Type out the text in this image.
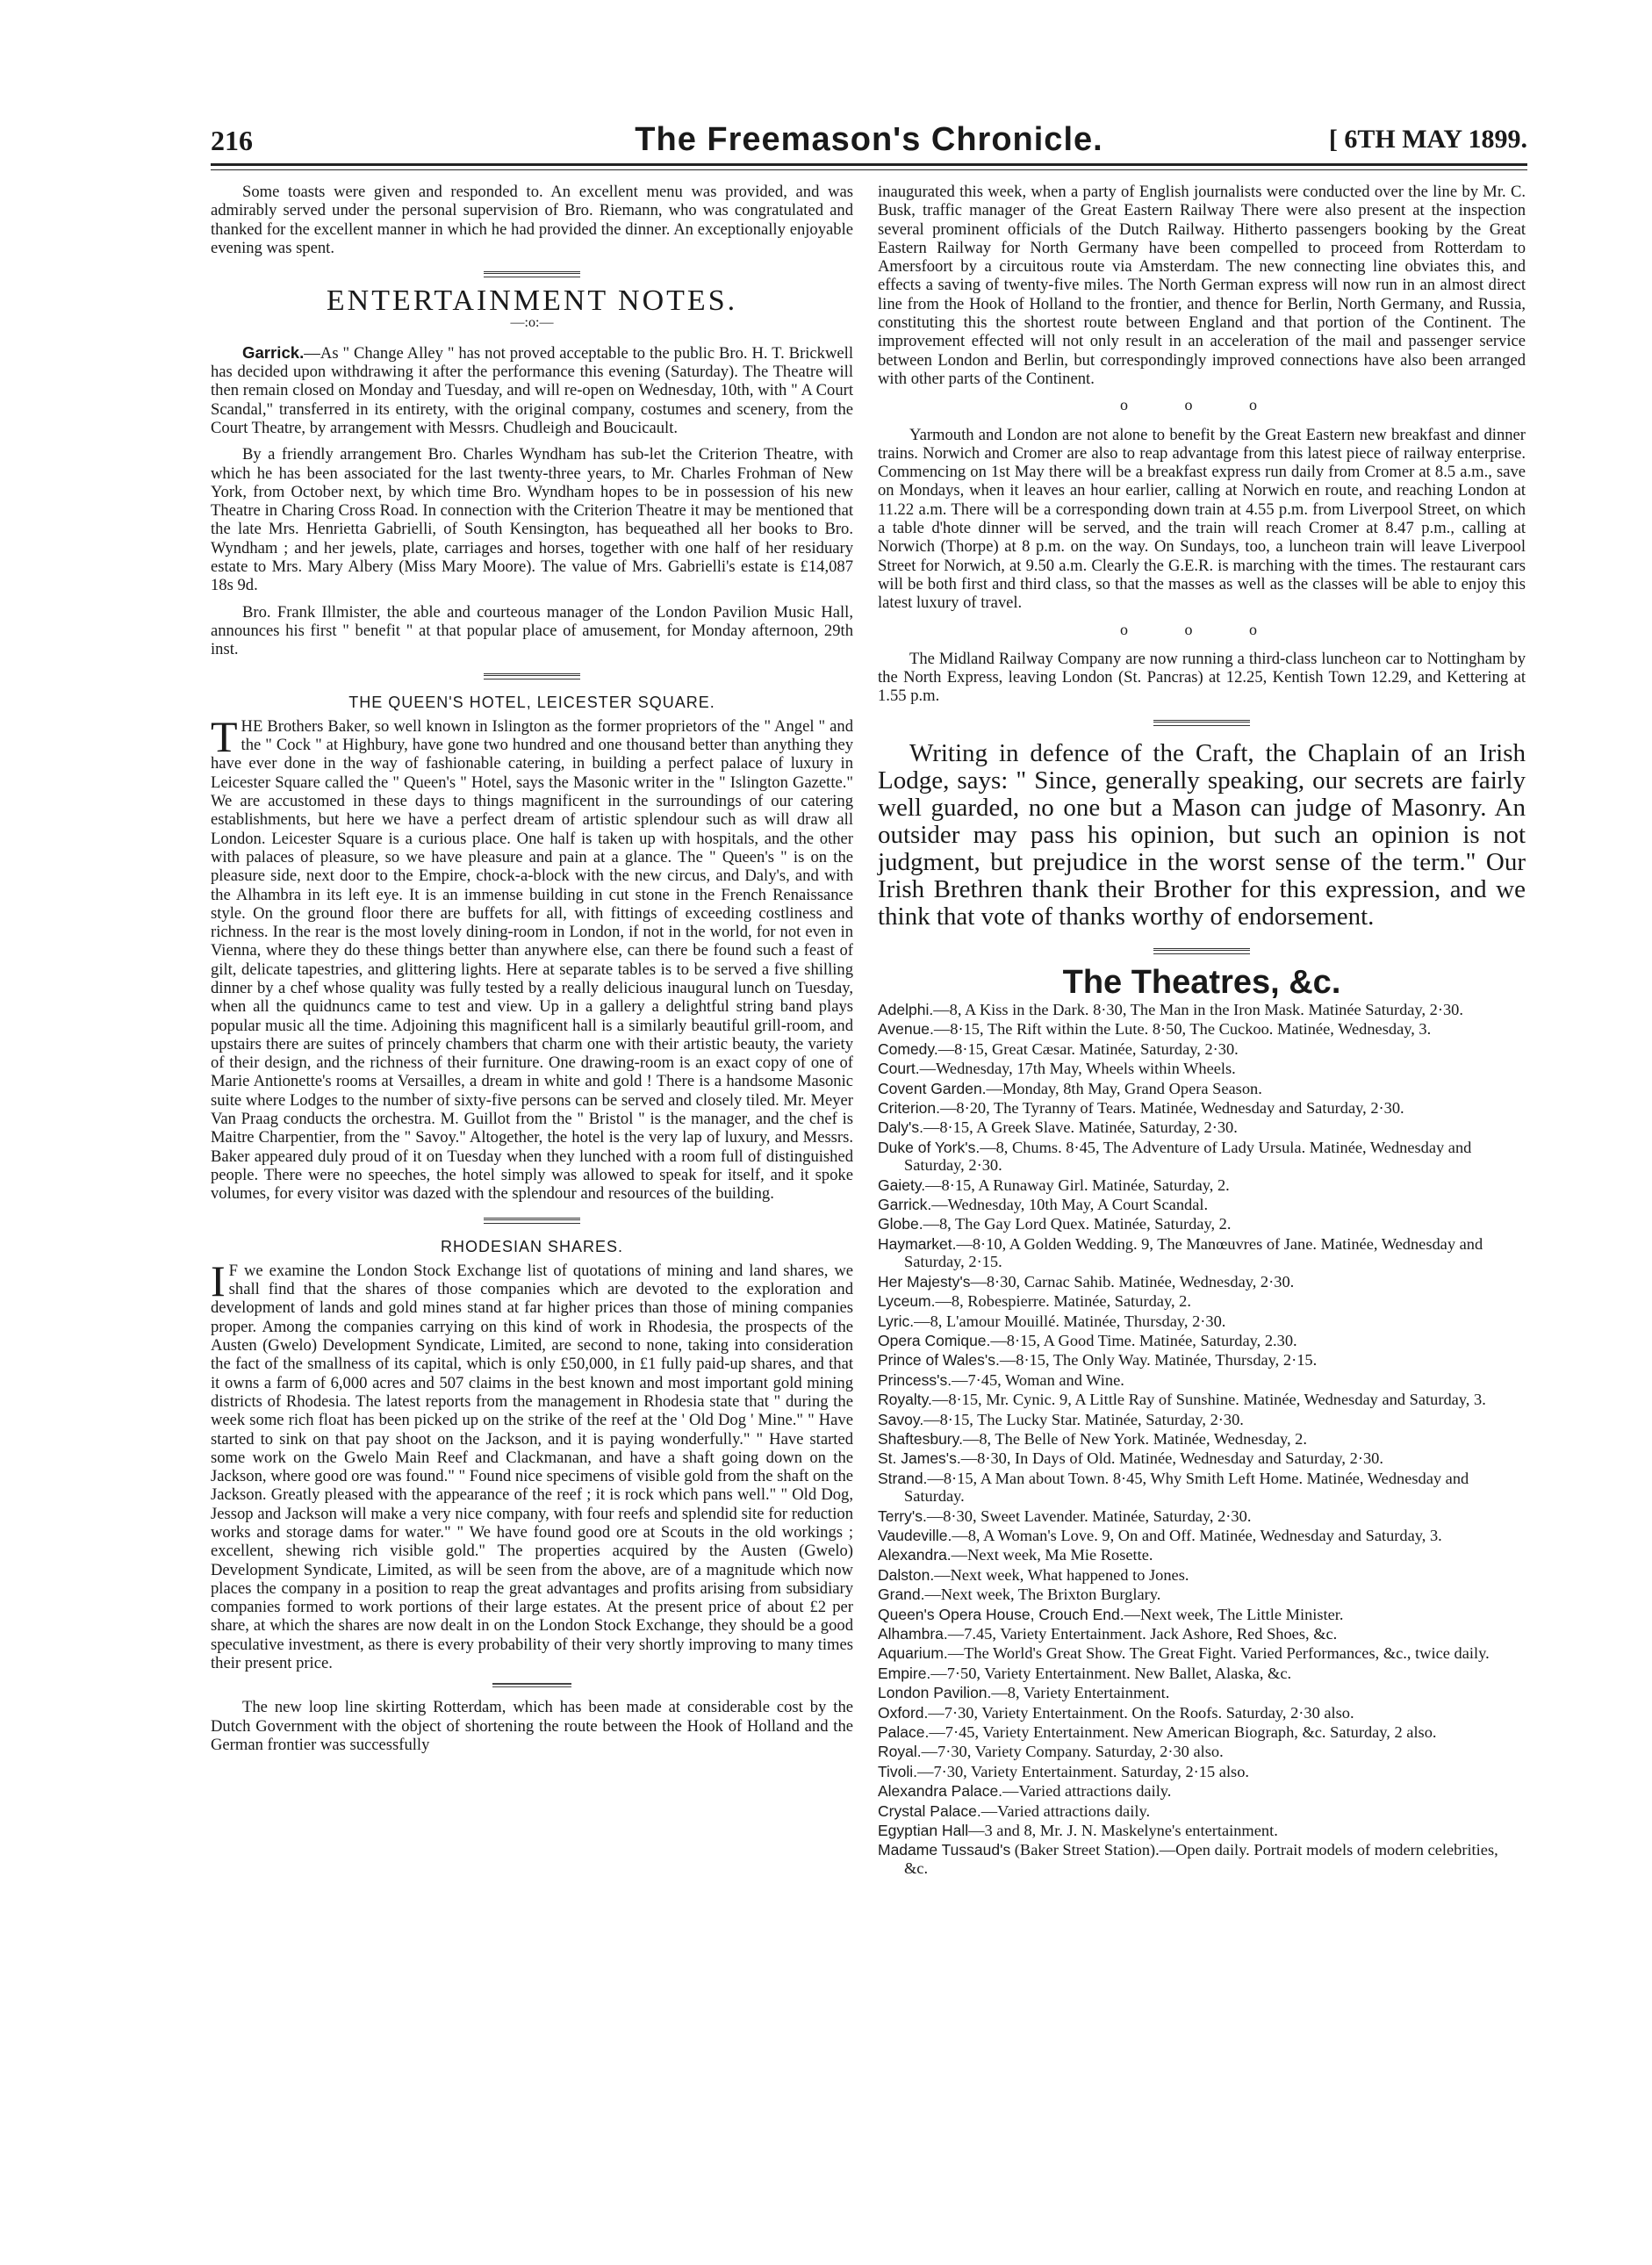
216	The Freemason's Chronicle.	[ 6TH MAY 1899.

Some toasts were given and responded to. An excellent menu was provided, and was admirably served under the personal supervision of Bro. Riemann, who was congratulated and thanked for the excellent manner in which he had provided the dinner. An exceptionally enjoyable evening was spent.

ENTERTAINMENT NOTES.
—:o:—

Garrick.—As " Change Alley " has not proved acceptable to the public Bro. H. T. Brickwell has decided upon withdrawing it after the performance this evening (Saturday). The Theatre will then remain closed on Monday and Tuesday, and will re-open on Wednesday, 10th, with " A Court Scandal," transferred in its entirety, with the original company, costumes and scenery, from the Court Theatre, by arrangement with Messrs. Chudleigh and Boucicault.

By a friendly arrangement Bro. Charles Wyndham has sub-let the Criterion Theatre, with which he has been associated for the last twenty-three years, to Mr. Charles Frohman of New York, from October next, by which time Bro. Wyndham hopes to be in possession of his new Theatre in Charing Cross Road. In connection with the Criterion Theatre it may be mentioned that the late Mrs. Henrietta Gabrielli, of South Kensington, has bequeathed all her books to Bro. Wyndham ; and her jewels, plate, carriages and horses, together with one half of her residuary estate to Mrs. Mary Albery (Miss Mary Moore). The value of Mrs. Gabrielli's estate is £14,087 18s 9d.

Bro. Frank Illmister, the able and courteous manager of the London Pavilion Music Hall, announces his first " benefit " at that popular place of amusement, for Monday afternoon, 29th inst.

THE QUEEN'S HOTEL, LEICESTER SQUARE.

THE Brothers Baker, so well known in Islington as the former proprietors of the " Angel " and the " Cock " at Highbury, have gone two hundred and one thousand better than anything they have ever done in the way of fashionable catering, in building a perfect palace of luxury in Leicester Square called the " Queen's " Hotel, says the Masonic writer in the " Islington Gazette." We are accustomed in these days to things magnificent in the surroundings of our catering establishments, but here we have a perfect dream of artistic splendour such as will draw all London. Leicester Square is a curious place. One half is taken up with hospitals, and the other with palaces of pleasure, so we have pleasure and pain at a glance. The " Queen's " is on the pleasure side, next door to the Empire, chock-a-block with the new circus, and Daly's, and with the Alhambra in its left eye. It is an immense building in cut stone in the French Renaissance style. On the ground floor there are buffets for all, with fittings of exceeding costliness and richness. In the rear is the most lovely dining-room in London, if not in the world, for not even in Vienna, where they do these things better than anywhere else, can there be found such a feast of gilt, delicate tapestries, and glittering lights. Here at separate tables is to be served a five shilling dinner by a chef whose quality was fully tested by a really delicious inaugural lunch on Tuesday, when all the quidnuncs came to test and view. Up in a gallery a delightful string band plays popular music all the time. Adjoining this magnificent hall is a similarly beautiful grill-room, and upstairs there are suites of princely chambers that charm one with their artistic beauty, the variety of their design, and the richness of their furniture. One drawing-room is an exact copy of one of Marie Antionette's rooms at Versailles, a dream in white and gold ! There is a handsome Masonic suite where Lodges to the number of sixty-five persons can be served and closely tiled. Mr. Meyer Van Praag conducts the orchestra. M. Guillot from the " Bristol " is the manager, and the chef is Maitre Charpentier, from the " Savoy." Altogether, the hotel is the very lap of luxury, and Messrs. Baker appeared duly proud of it on Tuesday when they lunched with a room full of distinguished people. There were no speeches, the hotel simply was allowed to speak for itself, and it spoke volumes, for every visitor was dazed with the splendour and resources of the building.

RHODESIAN SHARES.

I F we examine the London Stock Exchange list of quotations of mining and land shares, we shall find that the shares of those companies which are devoted to the exploration and development of lands and gold mines stand at far higher prices than those of mining companies proper. Among the companies carrying on this kind of work in Rhodesia, the prospects of the Austen (Gwelo) Development Syndicate, Limited, are second to none, taking into consideration the fact of the smallness of its capital, which is only £50,000, in £1 fully paid-up shares, and that it owns a farm of 6,000 acres and 507 claims in the best known and most important gold mining districts of Rhodesia. The latest reports from the management in Rhodesia state that " during the week some rich float has been picked up on the strike of the reef at the ' Old Dog ' Mine." " Have started to sink on that pay shoot on the Jackson, and it is paying wonderfully." " Have started some work on the Gwelo Main Reef and Clackmanan, and have a shaft going down on the Jackson, where good ore was found." " Found nice specimens of visible gold from the shaft on the Jackson. Greatly pleased with the appearance of the reef ; it is rock which pans well." " Old Dog, Jessop and Jackson will make a very nice company, with four reefs and splendid site for reduction works and storage dams for water." " We have found good ore at Scouts in the old workings ; excellent, shewing rich visible gold." The properties acquired by the Austen (Gwelo) Development Syndicate, Limited, as will be seen from the above, are of a magnitude which now places the company in a position to reap the great advantages and profits arising from subsidiary companies formed to work portions of their large estates. At the present price of about £2 per share, at which the shares are now dealt in on the London Stock Exchange, they should be a good speculative investment, as there is every probability of their very shortly improving to many times their present price.

The new loop line skirting Rotterdam, which has been made at considerable cost by the Dutch Government with the object of shortening the route between the Hook of Holland and the German frontier was successfully

inaugurated this week, when a party of English journalists were conducted over the line by Mr. C. Busk, traffic manager of the Great Eastern Railway There were also present at the inspection several prominent officials of the Dutch Railway. Hitherto passengers booking by the Great Eastern Railway for North Germany have been compelled to proceed from Rotterdam to Amersfoort by a circuitous route via Amsterdam. The new connecting line obviates this, and effects a saving of twenty-five miles. The North German express will now run in an almost direct line from the Hook of Holland to the frontier, and thence for Berlin, North Germany, and Russia, constituting this the shortest route between England and that portion of the Continent. The improvement effected will not only result in an acceleration of the mail and passenger service between London and Berlin, but correspondingly improved connections have also been arranged with other parts of the Continent.

o o o

Yarmouth and London are not alone to benefit by the Great Eastern new breakfast and dinner trains. Norwich and Cromer are also to reap advantage from this latest piece of railway enterprise. Commencing on 1st May there will be a breakfast express run daily from Cromer at 8.5 a.m., save on Mondays, when it leaves an hour earlier, calling at Norwich en route, and reaching London at 11.22 a.m. There will be a corresponding down train at 4.55 p.m. from Liverpool Street, on which a table d'hote dinner will be served, and the train will reach Cromer at 8.47 p.m., calling at Norwich (Thorpe) at 8 p.m. on the way. On Sundays, too, a luncheon train will leave Liverpool Street for Norwich, at 9.50 a.m. Clearly the G.E.R. is marching with the times. The restaurant cars will be both first and third class, so that the masses as well as the classes will be able to enjoy this latest luxury of travel.

o o o

The Midland Railway Company are now running a third-class luncheon car to Nottingham by the North Express, leaving London (St. Pancras) at 12.25, Kentish Town 12.29, and Kettering at 1.55 p.m.

Writing in defence of the Craft, the Chaplain of an Irish Lodge, says: " Since, generally speaking, our secrets are fairly well guarded, no one but a Mason can judge of Masonry. An outsider may pass his opinion, but such an opinion is not judgment, but prejudice in the worst sense of the term." Our Irish Brethren thank their Brother for this expression, and we think that vote of thanks worthy of endorsement.

The Theatres, &c.
Adelphi.—8, A Kiss in the Dark. 8·30, The Man in the Iron Mask. Matinée Saturday, 2·30.
Avenue.—8·15, The Rift within the Lute. 8·50, The Cuckoo. Matinée, Wednesday, 3.
Comedy.—8·15, Great Cæsar. Matinée, Saturday, 2·30.
Court.—Wednesday, 17th May, Wheels within Wheels.
Covent Garden.—Monday, 8th May, Grand Opera Season.
Criterion.—8·20, The Tyranny of Tears. Matinée, Wednesday and Saturday, 2·30.
Daly's.—8·15, A Greek Slave. Matinée, Saturday, 2·30.
Duke of York's.—8, Chums. 8·45, The Adventure of Lady Ursula. Matinée, Wednesday and Saturday, 2·30.
Gaiety.—8·15, A Runaway Girl. Matinée, Saturday, 2.
Garrick.—Wednesday, 10th May, A Court Scandal.
Globe.—8, The Gay Lord Quex. Matinée, Saturday, 2.
Haymarket.—8·10, A Golden Wedding. 9, The Manœuvres of Jane. Matinée, Wednesday and Saturday, 2·15.
Her Majesty's—8·30, Carnac Sahib. Matinée, Wednesday, 2·30.
Lyceum.—8, Robespierre. Matinée, Saturday, 2.
Lyric.—8, L'amour Mouillé. Matinée, Thursday, 2·30.
Opera Comique.—8·15, A Good Time. Matinée, Saturday, 2.30.
Prince of Wales's.—8·15, The Only Way. Matinée, Thursday, 2·15.
Princess's.—7·45, Woman and Wine.
Royalty.—8·15, Mr. Cynic. 9, A Little Ray of Sunshine. Matinée, Wednesday and Saturday, 3.
Savoy.—8·15, The Lucky Star. Matinée, Saturday, 2·30.
Shaftesbury.—8, The Belle of New York. Matinée, Wednesday, 2.
St. James's.—8·30, In Days of Old. Matinée, Wednesday and Saturday, 2·30.
Strand.—8·15, A Man about Town. 8·45, Why Smith Left Home. Matinée, Wednesday and Saturday.
Terry's.—8·30, Sweet Lavender. Matinée, Saturday, 2·30.
Vaudeville.—8, A Woman's Love. 9, On and Off. Matinée, Wednesday and Saturday, 3.
Alexandra.—Next week, Ma Mie Rosette.
Dalston.—Next week, What happened to Jones.
Grand.—Next week, The Brixton Burglary.
Queen's Opera House, Crouch End.—Next week, The Little Minister.
Alhambra.—7.45, Variety Entertainment. Jack Ashore, Red Shoes, &c.
Aquarium.—The World's Great Show. The Great Fight. Varied Performances, &c., twice daily.
Empire.—7·50, Variety Entertainment. New Ballet, Alaska, &c.
London Pavilion.—8, Variety Entertainment.
Oxford.—7·30, Variety Entertainment. On the Roofs. Saturday, 2·30 also.
Palace.—7·45, Variety Entertainment. New American Biograph, &c. Saturday, 2 also.
Royal.—7·30, Variety Company. Saturday, 2·30 also.
Tivoli.—7·30, Variety Entertainment. Saturday, 2·15 also.
Alexandra Palace.—Varied attractions daily.
Crystal Palace.—Varied attractions daily.
Egyptian Hall—3 and 8, Mr. J. N. Maskelyne's entertainment.
Madame Tussaud's (Baker Street Station).—Open daily. Portrait models of modern celebrities, &c.
